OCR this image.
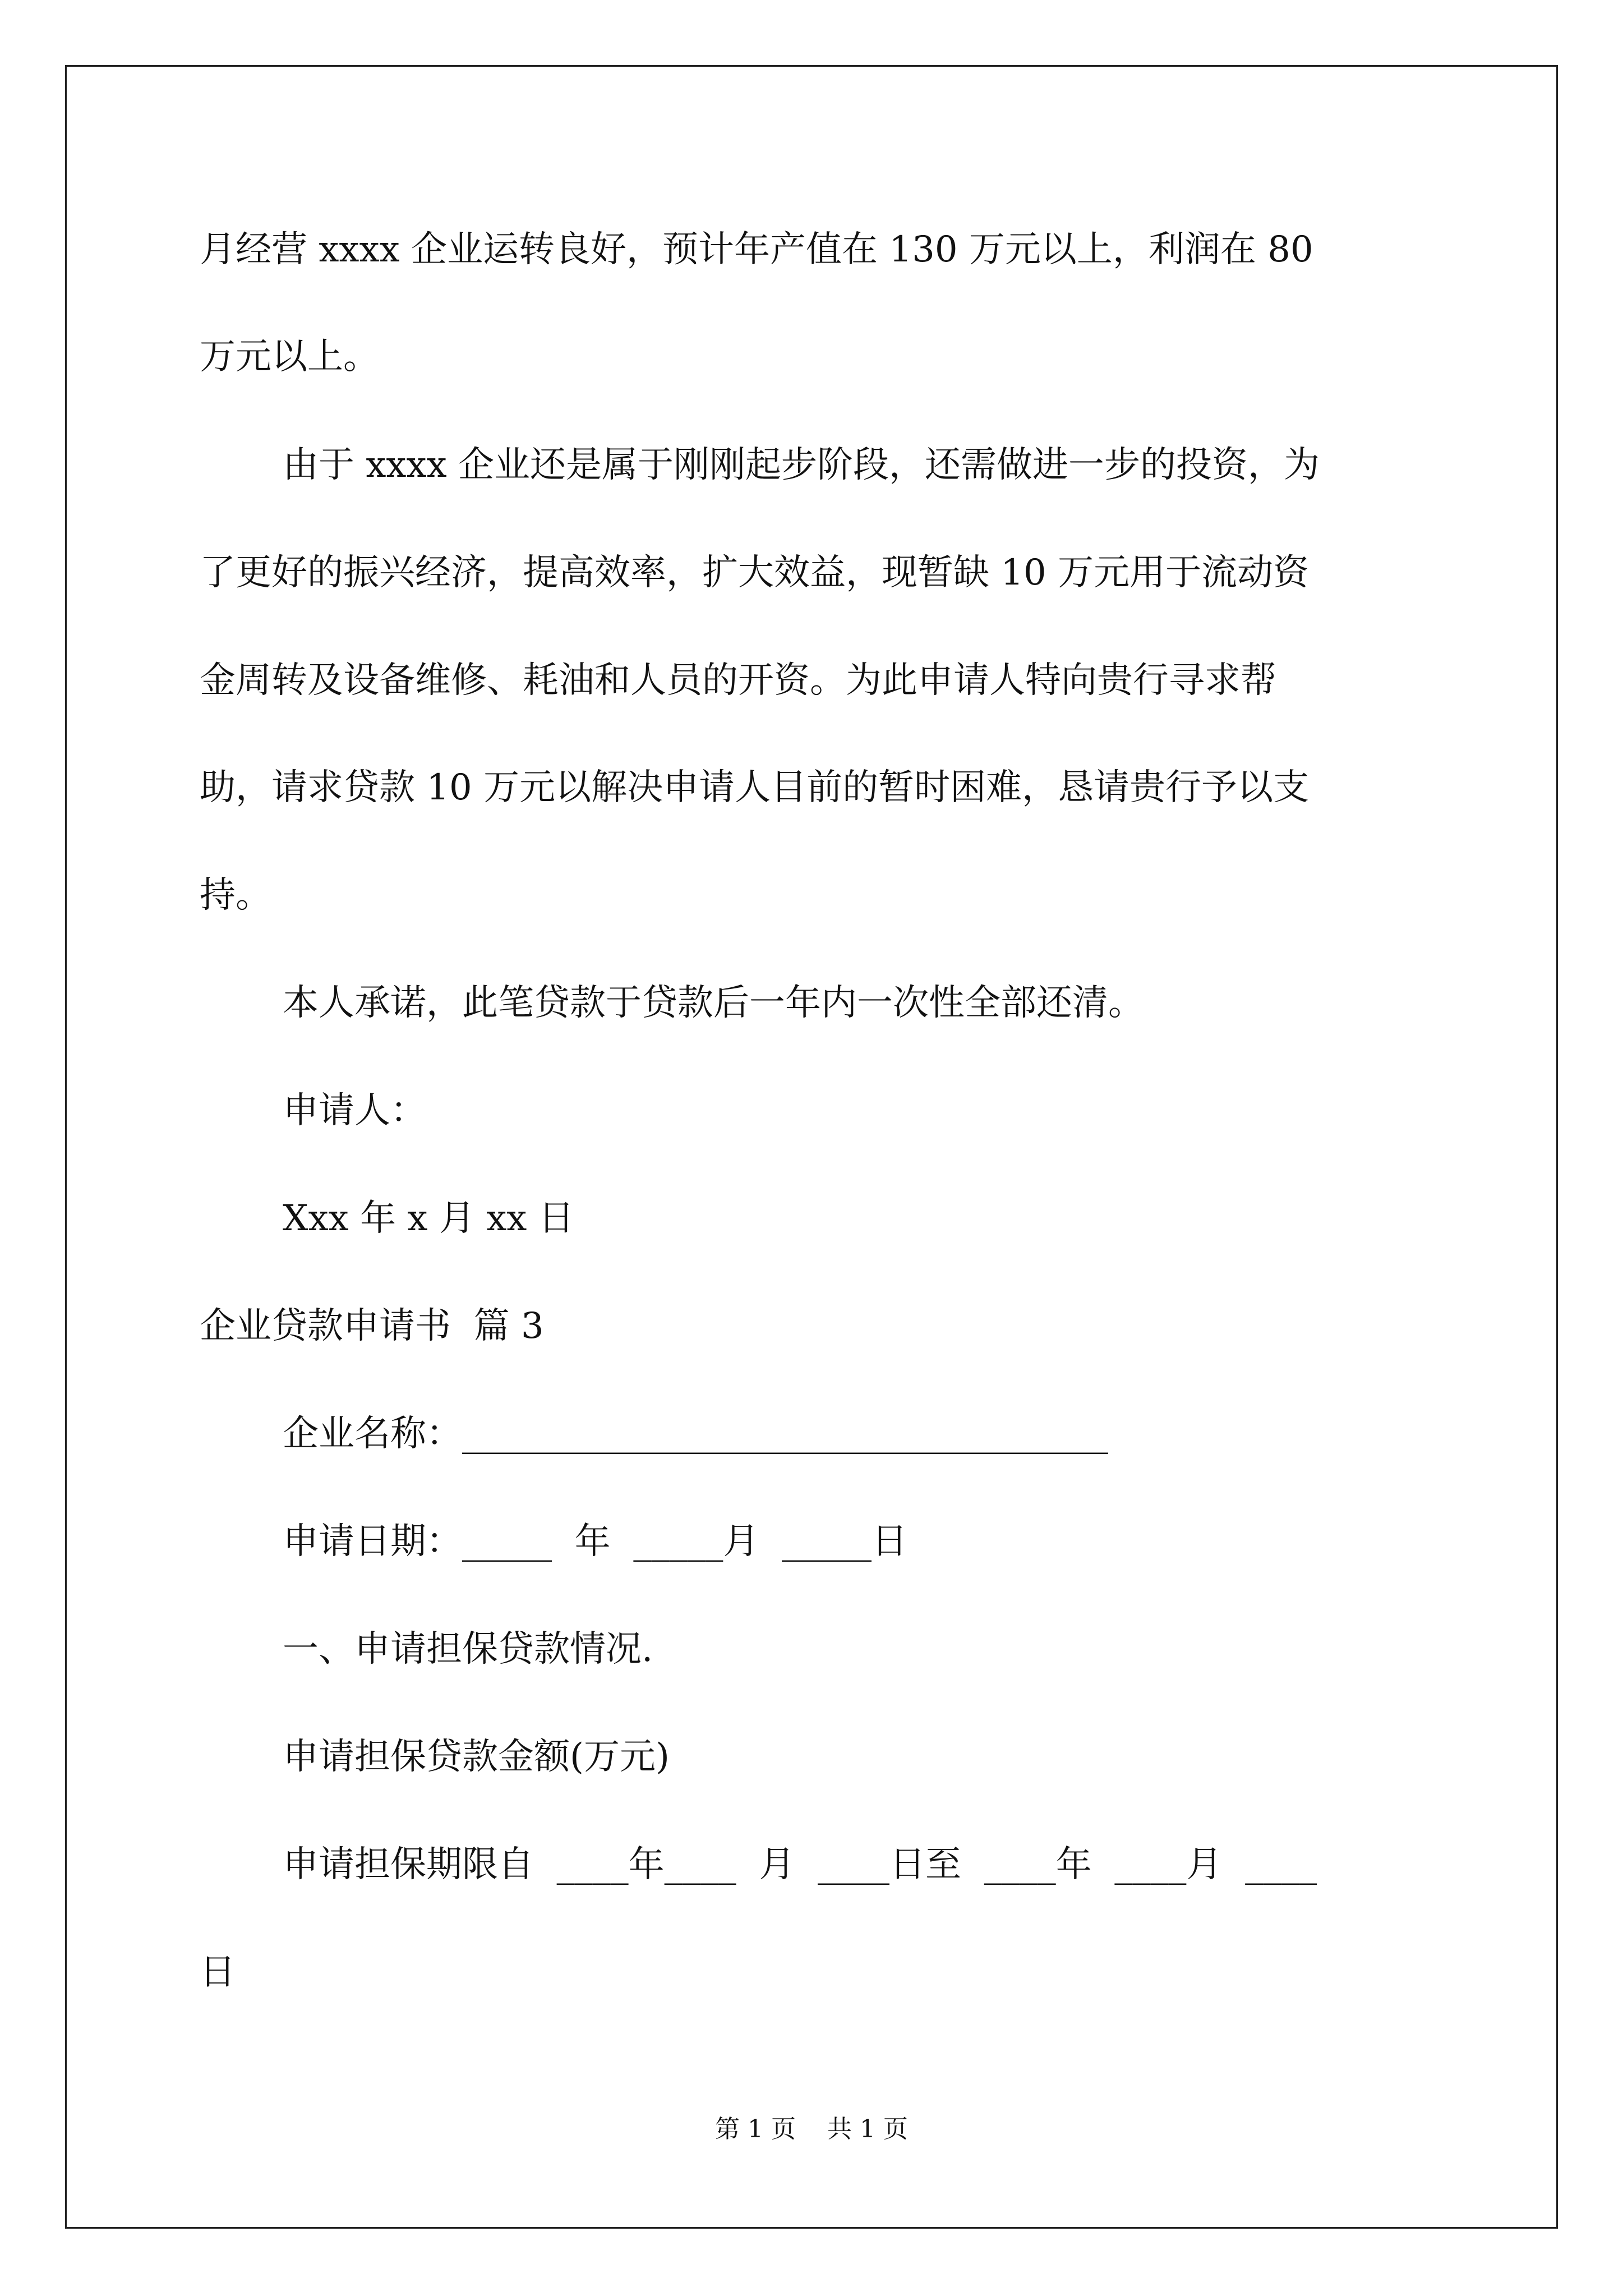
月经营 xxxx 企业运转良好，预计年产值在 130 万元以上，利润在 80
万元以上。
由于 xxxx 企业还是属于刚刚起步阶段，还需做进一步的投资，为
了更好的振兴经济，提高效率，扩大效益，现暂缺 10 万元用于流动资
金周转及设备维修、耗油和人员的开资。为此申请人特向贵行寻求帮
助，请求贷款 10 万元以解决申请人目前的暂时困难，恳请贵行予以支
持。
本人承诺，此笔贷款于贷款后一年内一次性全部还清。
申请人：
Xxx 年 x 月 xx 日
企业贷款申请书  篇 3
企业名称：____________________________________
申请日期：_____  年  _____月  _____日
一、申请担保贷款情况.
申请担保贷款金额(万元)
申请担保期限自  ____年____  月  ____日至  ____年  ____月  ____
日
第 1 页    共 1 页
